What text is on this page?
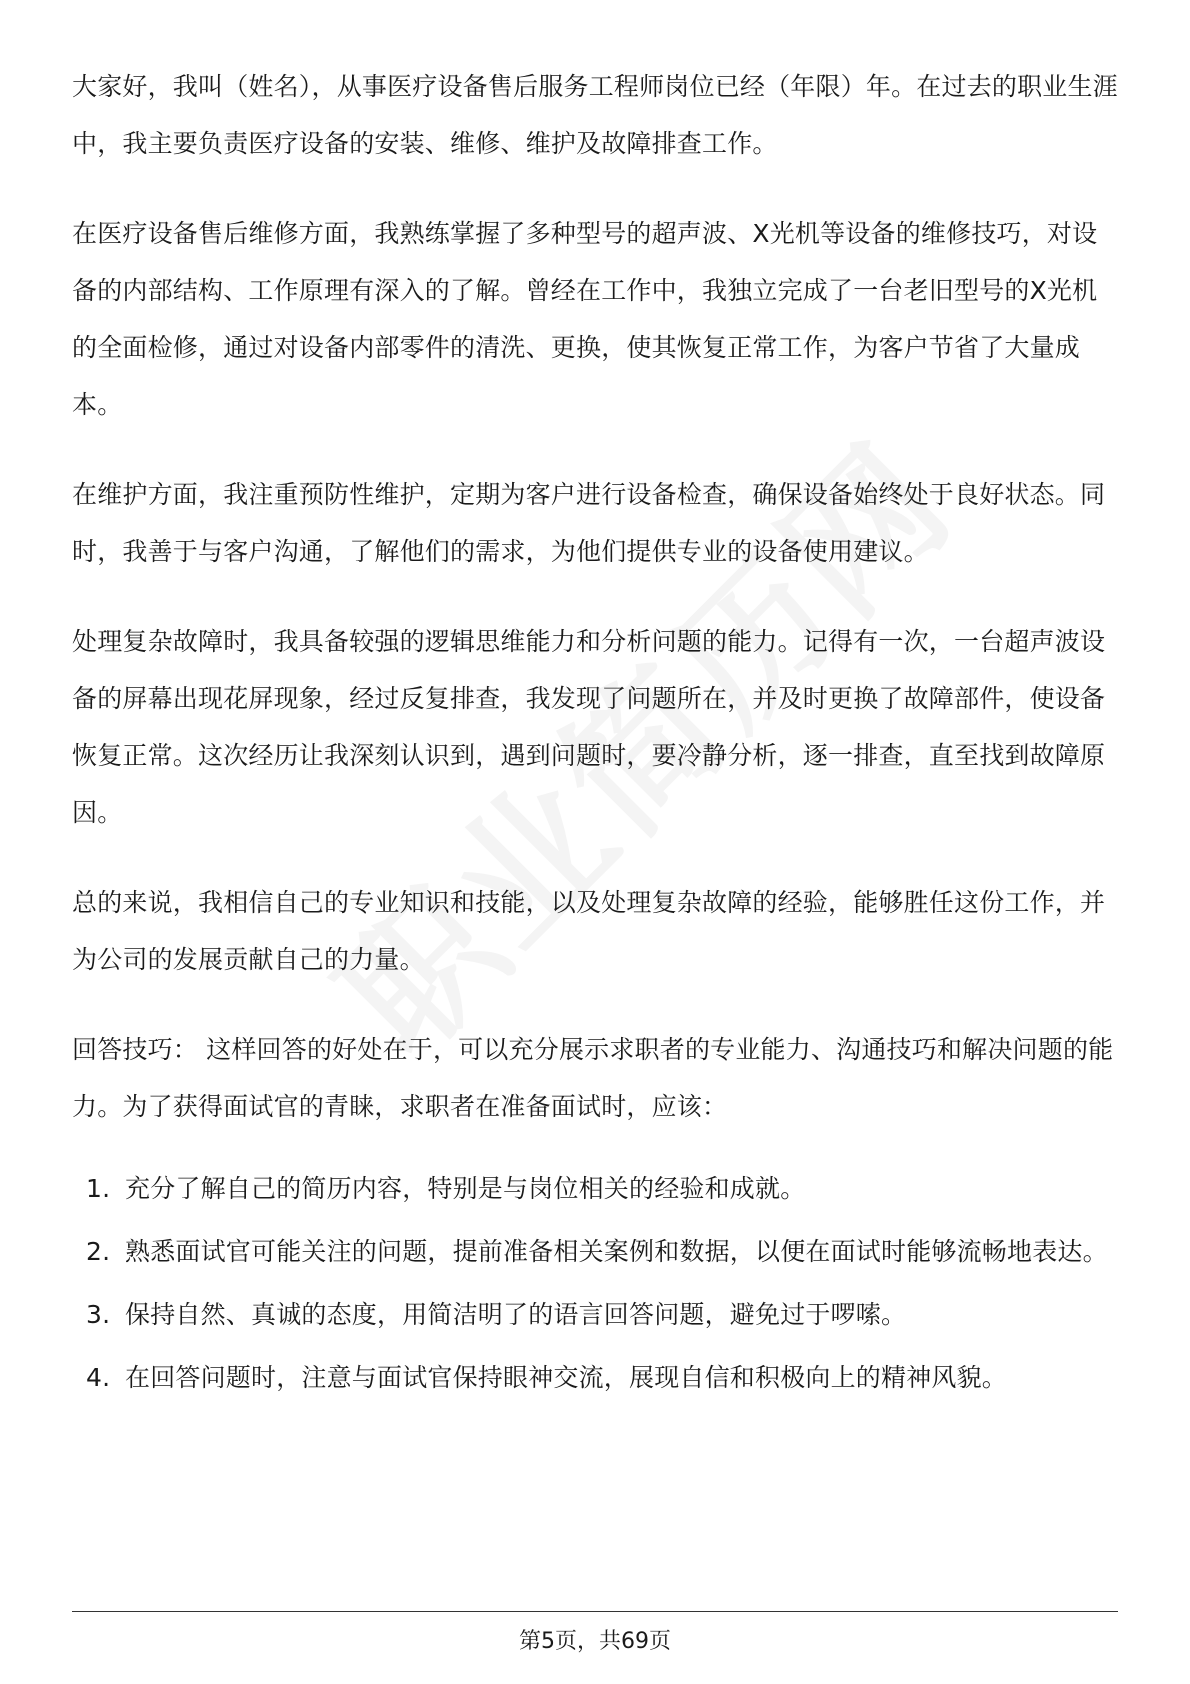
大家好，我叫（姓名），从事医疗设备售后服务工程师岗位已经（年限）年。在过去的职业生涯中，我主要负责医疗设备的安装、维修、维护及故障排查工作。

在医疗设备售后维修方面，我熟练掌握了多种型号的超声波、X光机等设备的维修技巧，对设备的内部结构、工作原理有深入的了解。曾经在工作中，我独立完成了一台老旧型号的X光机的全面检修，通过对设备内部零件的清洗、更换，使其恢复正常工作，为客户节省了大量成本。

在维护方面，我注重预防性维护，定期为客户进行设备检查，确保设备始终处于良好状态。同时，我善于与客户沟通，了解他们的需求，为他们提供专业的设备使用建议。

处理复杂故障时，我具备较强的逻辑思维能力和分析问题的能力。记得有一次，一台超声波设备的屏幕出现花屏现象，经过反复排查，我发现了问题所在，并及时更换了故障部件，使设备恢复正常。这次经历让我深刻认识到，遇到问题时，要冷静分析，逐一排查，直至找到故障原因。

总的来说，我相信自己的专业知识和技能，以及处理复杂故障的经验，能够胜任这份工作，并为公司的发展贡献自己的力量。

回答技巧： 这样回答的好处在于，可以充分展示求职者的专业能力、沟通技巧和解决问题的能力。为了获得面试官的青睐，求职者在准备面试时，应该：

1. 充分了解自己的简历内容，特别是与岗位相关的经验和成就。
2. 熟悉面试官可能关注的问题，提前准备相关案例和数据，以便在面试时能够流畅地表达。
3. 保持自然、真诚的态度，用简洁明了的语言回答问题，避免过于啰嗦。
4. 在回答问题时，注意与面试官保持眼神交流，展现自信和积极向上的精神风貌。
第5页，共69页
